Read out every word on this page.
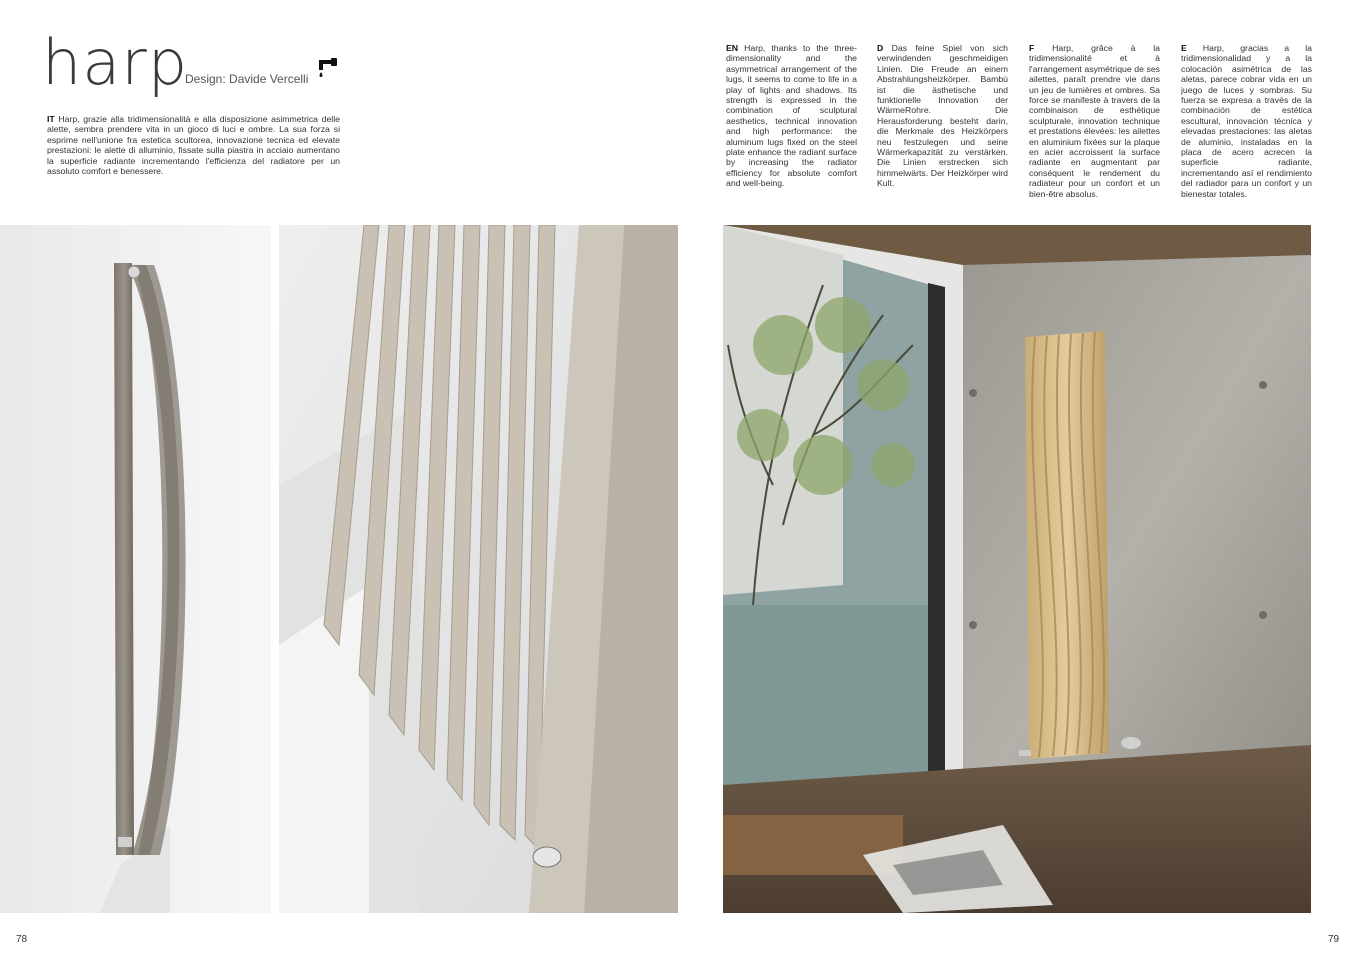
harp
Design: Davide Vercelli
IT Harp, grazie alla tridimensionalità e alla disposizione asimmetrica delle alette, sembra prendere vita in un gioco di luci e ombre. La sua forza si esprime nell'unione fra estetica scultorea, innovazione tecnica ed elevate prestazioni: le alette di alluminio, fissate sulla piastra in acciaio aumentano la superficie radiante incrementando l'efficienza del radiatore per un assoluto comfort e benessere.
EN Harp, thanks to the three-dimensionality and the asymmetrical arrangement of the lugs, it seems to come to life in a play of lights and shadows. Its strength is expressed in the combination of sculptural aesthetics, technical innovation and high performance: the aluminum lugs fixed on the steel plate enhance the radiant surface by increasing the radiator efficiency for absolute comfort and well-being.
D Das feine Spiel von sich verwindenden geschmeidigen Linien. Die Freude an einem Abstrahlungsheizkörper. Bambù ist die ästhetische und funktionelle Innovation der WärmeRohre. Die Herausforderung besteht darin, die Merkmale des Heizkörpers neu festzulegen und seine Wärmerkapazität zu verstärken. Die Linien erstrecken sich himmelwärts. Der Heizkörper wird Kult.
F Harp, grâce à la tridimensionalité et à l'arrangement asymétrique de ses ailettes, paraît prendre vie dans un jeu de lumières et ombres. Sa force se manifeste à travers de la combinaison de esthétique sculpturale, innovation technique et prestations élevées: les ailettes en aluminium fixées sur la plaque en acier accroissent la surface radiante en augmentant par conséquent le rendement du radiateur pour un confort et un bien-être absolus.
E Harp, gracias a la tridimensionalidad y a la colocación asimétrica de las aletas, parece cobrar vida en un juego de luces y sombras. Su fuerza se expresa a través de la combinación de estética escultural, innovación técnica y elevadas prestaciones: las aletas de aluminio, instaladas en la placa de acero acrecen la superficie radiante, incrementando así el rendimiento del radiador para un confort y un bienestar totales.
78	79
